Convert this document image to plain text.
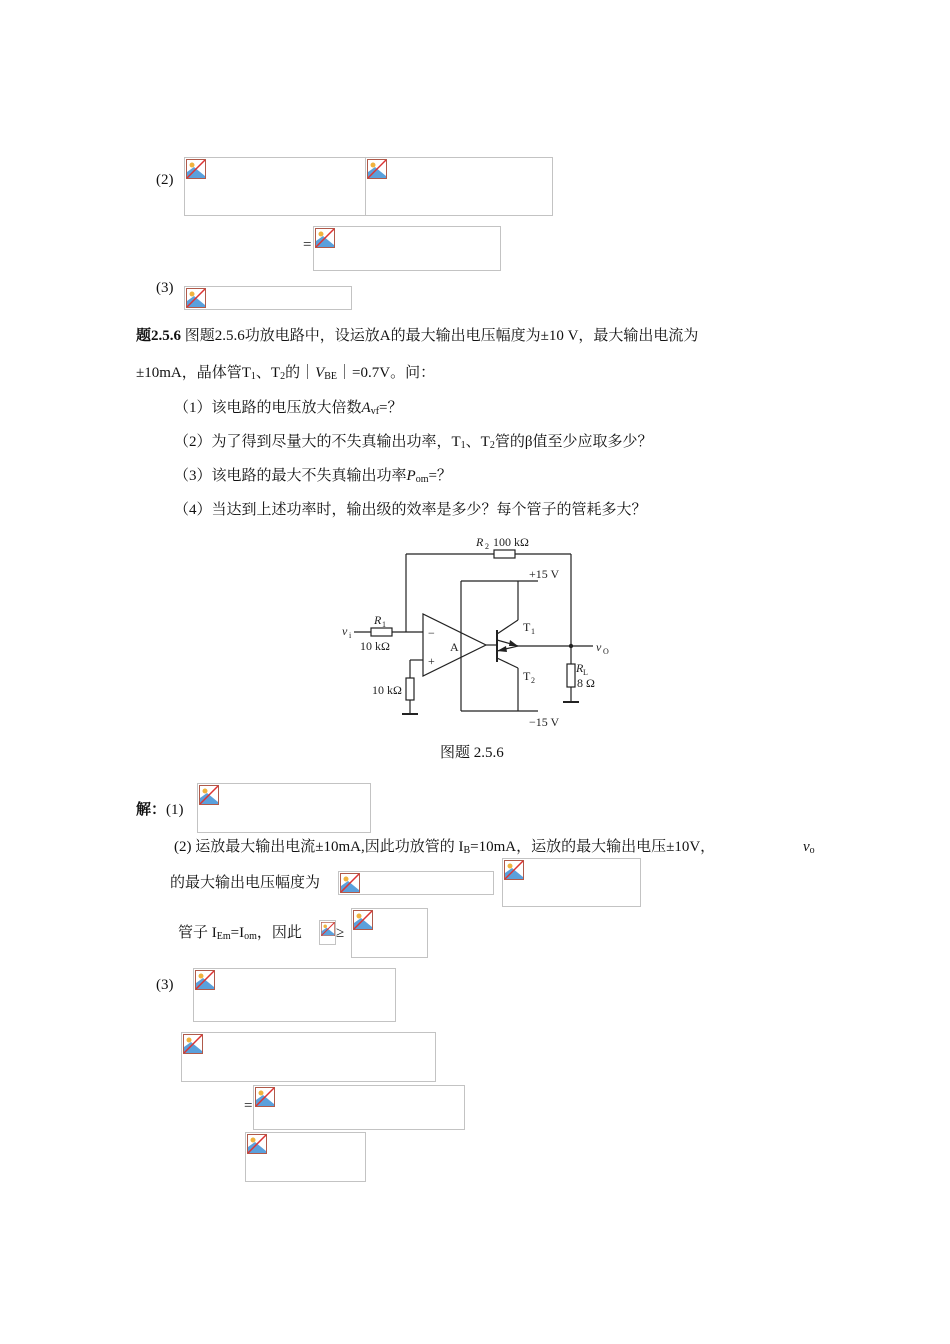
(2)
=
(3)
题2.5.6 图题2.5.6功放电路中，设运放A的最大输出电压幅度为±10 V，最大输出电流为
±10mA，晶体管$T_1$、$T_2$的$|V_{BE}|=0.7V$。问：
（1）该电路的电压放大倍数$A_{vf}=$？
（2）为了得到尽量大的不失真输出功率，$T_1$、$T_2$管的β值至少应取多少？
（3）该电路的最大不失真输出功率$P_{om}=$？
（4）当达到上述功率时，输出级的效率是多少？每个管子的管耗多大？
R 2 100 kΩ
+15 V
−15 V
v i
R 1
10 kΩ
−
+
A
10 kΩ
T 1
T 2
v O
R L
8 Ω
图题 2.5.6
解：(1)
(2) 运放最大输出电流±10mA,因此功放管的 $I_B=10mA$，运放的最大输出电压±10V，	$v_o$
的最大输出电压幅度为
管子 $I_{Em}=I_{om}$，因此 ≥
(3)
=
